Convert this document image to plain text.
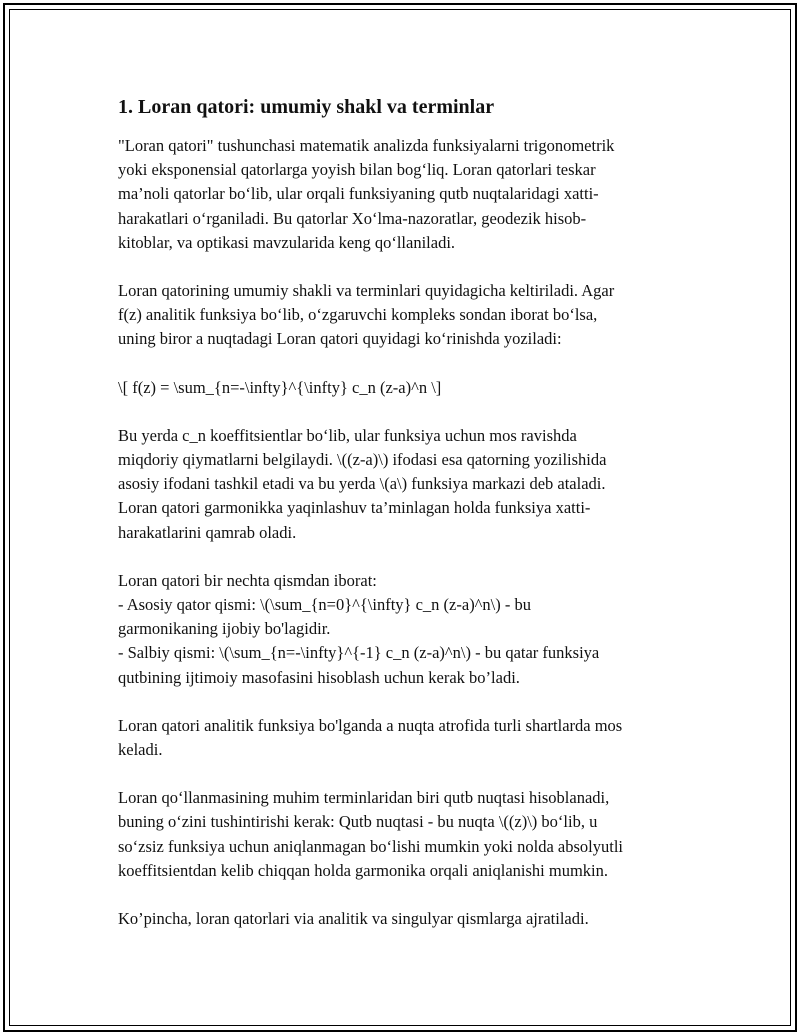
1. Loran qatori: umumiy shakl va terminlar

"Loran qatori" tushunchasi matematik analizda funksiyalarni trigonometrik
yoki eksponensial qatorlarga yoyish bilan bog‘liq. Loran qatorlari teskar
ma’noli qatorlar bo‘lib, ular orqali funksiyaning qutb nuqtalaridagi xatti-
harakatlari o‘rganiladi. Bu qatorlar Xo‘lma-nazoratlar, geodezik hisob-
kitoblar, va optikasi mavzularida keng qo‘llaniladi.

Loran qatorining umumiy shakli va terminlari quyidagicha keltiriladi. Agar
f(z) analitik funksiya bo‘lib, o‘zgaruvchi kompleks sondan iborat bo‘lsa,
uning biror a nuqtadagi Loran qatori quyidagi ko‘rinishda yoziladi:

\[ f(z) = \sum_{n=-\infty}^{\infty} c_n (z-a)^n \]

Bu yerda c_n koeffitsientlar bo‘lib, ular funksiya uchun mos ravishda
miqdoriy qiymatlarni belgilaydi. \((z-a)\) ifodasi esa qatorning yozilishida
asosiy ifodani tashkil etadi va bu yerda \(a\) funksiya markazi deb ataladi.
Loran qatori garmonikka yaqinlashuv ta’minlagan holda funksiya xatti-
harakatlarini qamrab oladi.

Loran qatori bir nechta qismdan iborat:
- Asosiy qator qismi: \(\sum_{n=0}^{\infty} c_n (z-a)^n\) - bu
garmonikaning ijobiy bo'lagidir.
- Salbiy qismi: \(\sum_{n=-\infty}^{-1} c_n (z-a)^n\) - bu qatar funksiya
qutbining ijtimoiy masofasini hisoblash uchun kerak bo’ladi.

Loran qatori analitik funksiya bo'lganda a nuqta atrofida turli shartlarda mos
keladi.

Loran qo‘llanmasining muhim terminlaridan biri qutb nuqtasi hisoblanadi,
buning o‘zini tushintirishi kerak: Qutb nuqtasi - bu nuqta \((z)\) bo‘lib, u
so‘zsiz funksiya uchun aniqlanmagan bo‘lishi mumkin yoki nolda absolyutli
koeffitsientdan kelib chiqqan holda garmonika orqali aniqlanishi mumkin.

Ko’pincha, loran qatorlari via analitik va singulyar qismlarga ajratiladi.
